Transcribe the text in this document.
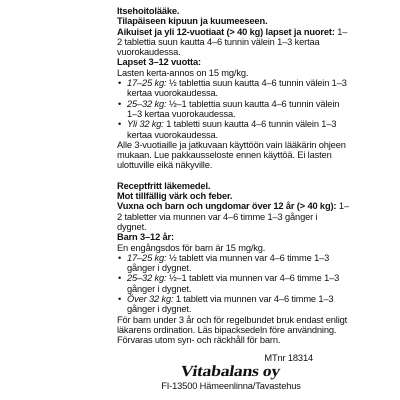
Itsehoitolääke.
Tilapäiseen kipuun ja kuumeeseen.
Aikuiset ja yli 12-vuotiaat (> 40 kg) lapset ja nuoret: 1–2 tablettia suun kautta 4–6 tunnin välein 1–3 kertaa vuorokaudessa.
Lapset 3–12 vuotta:
Lasten kerta-annos on 15 mg/kg.
• 17–25 kg: ½ tablettia suun kautta 4–6 tunnin välein 1–3 kertaa vuorokaudessa.
• 25–32 kg: ½–1 tablettia suun kautta 4–6 tunnin välein 1–3 kertaa vuorokaudessa.
• Yli 32 kg: 1 tabletti suun kautta 4–6 tunnin välein 1–3 kertaa vuorokaudessa.
Alle 3-vuotiaille ja jatkuvaan käyttöön vain lääkärin ohjeen mukaan. Lue pakkausseloste ennen käyttöä. Ei lasten ulottuville eikä näkyville.
Receptfritt läkemedel.
Mot tillfällig värk och feber.
Vuxna och barn och ungdomar över 12 år (> 40 kg): 1–2 tabletter via munnen var 4–6 timme 1–3 gånger i dygnet.
Barn 3–12 år:
En engångsdos för barn är 15 mg/kg.
• 17–25 kg: ½ tablett via munnen var 4–6 timme 1–3 gånger i dygnet.
• 25–32 kg: ½–1 tablett via munnen var 4–6 timme 1–3 gånger i dygnet.
• Över 32 kg: 1 tablett via munnen var 4–6 timme 1–3 gånger i dygnet.
För barn under 3 år och för regelbundet bruk endast enligt läkarens ordination. Läs bipacksedeln före användning. Förvaras utom syn- och räckhåll för barn.
MTnr 18314
Vitabalans oy
FI-13500 Hämeenlinna/Tavastehus
